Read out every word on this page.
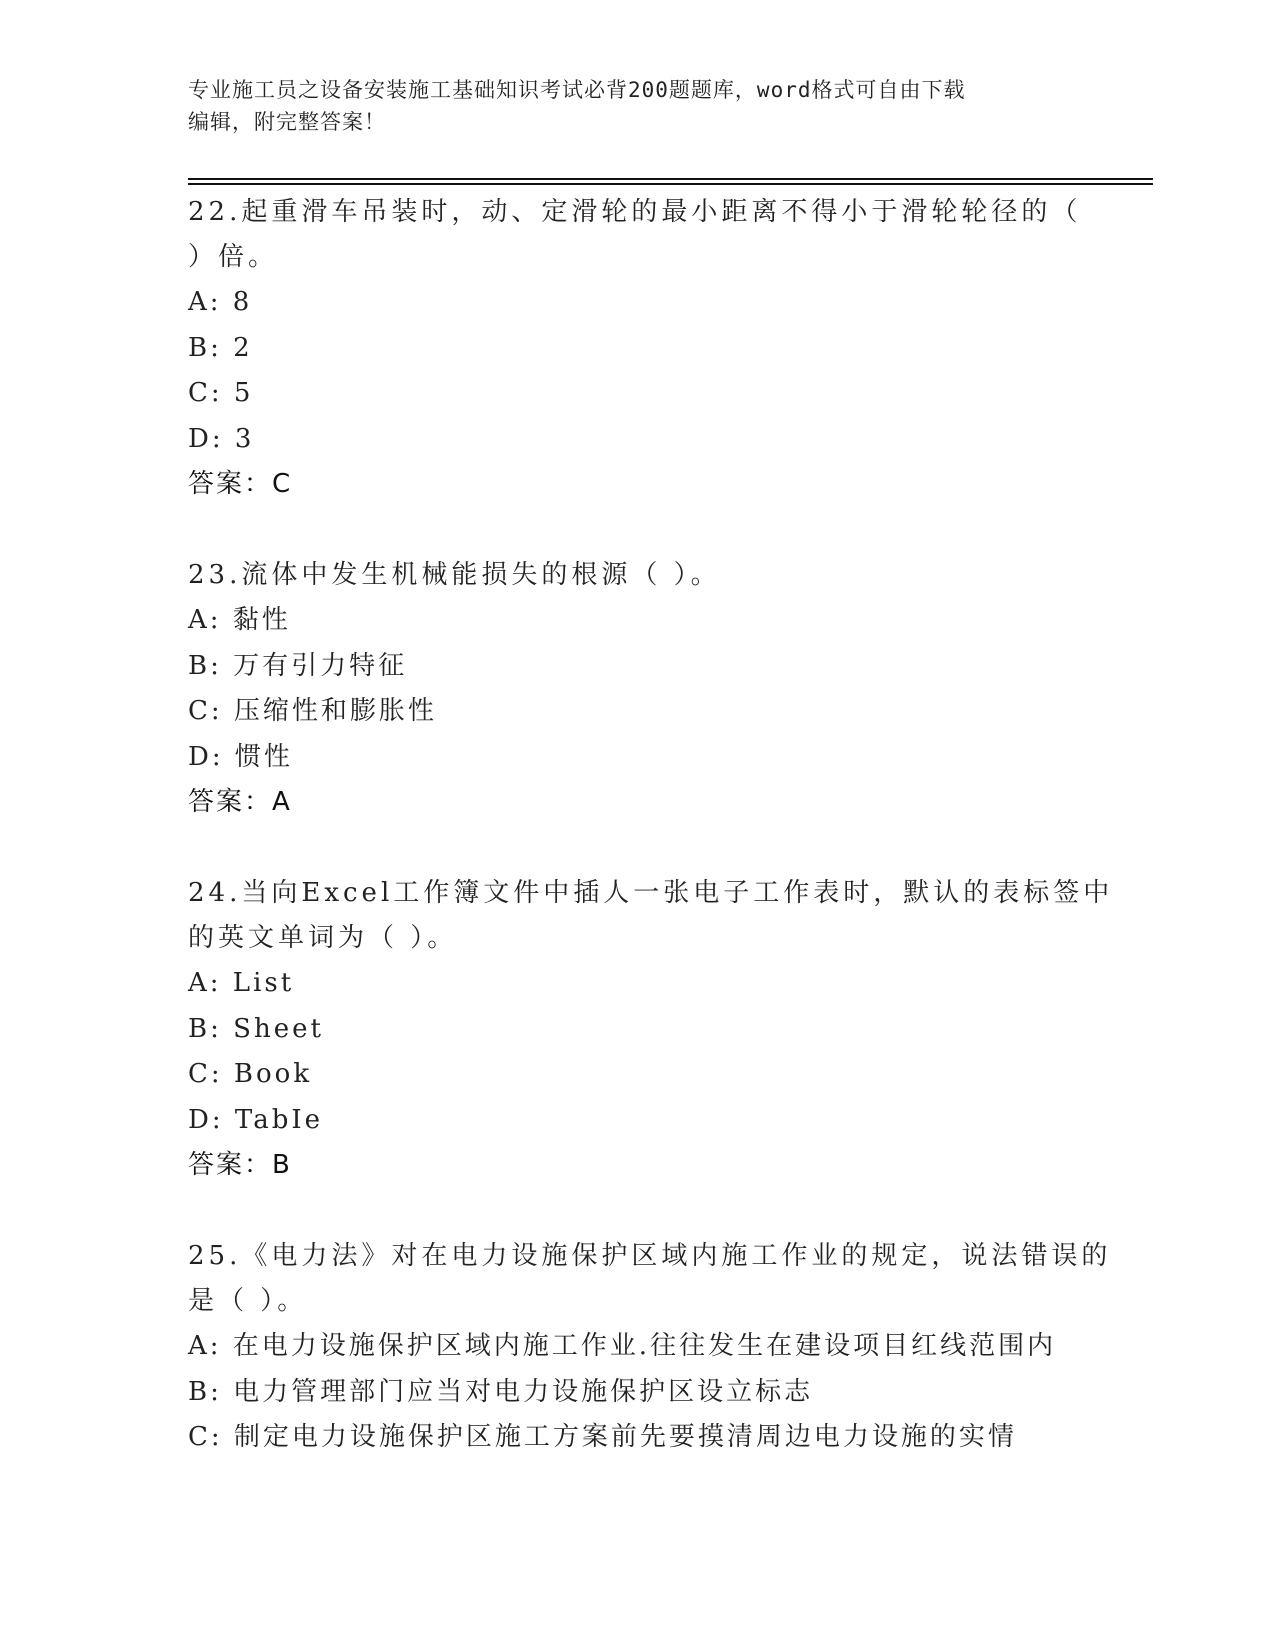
专业施工员之设备安装施工基础知识考试必背200题题库，word格式可自由下载
编辑，附完整答案！
22.起重滑车吊装时，动、定滑轮的最小距离不得小于滑轮轮径的（
）倍。
A: 8
B: 2
C: 5
D: 3
答案：C
23.流体中发生机械能损失的根源（ ）。
A: 黏性
B: 万有引力特征
C: 压缩性和膨胀性
D: 惯性
答案：A
24.当向Excel工作簿文件中插人一张电子工作表时，默认的表标签中
的英文单词为（ ）。
A: List
B: Sheet
C: Book
D: TabIe
答案：B
25.《电力法》对在电力设施保护区域内施工作业的规定，说法错误的
是（ ）。
A: 在电力设施保护区域内施工作业.往往发生在建设项目红线范围内
B: 电力管理部门应当对电力设施保护区设立标志
C: 制定电力设施保护区施工方案前先要摸清周边电力设施的实情
